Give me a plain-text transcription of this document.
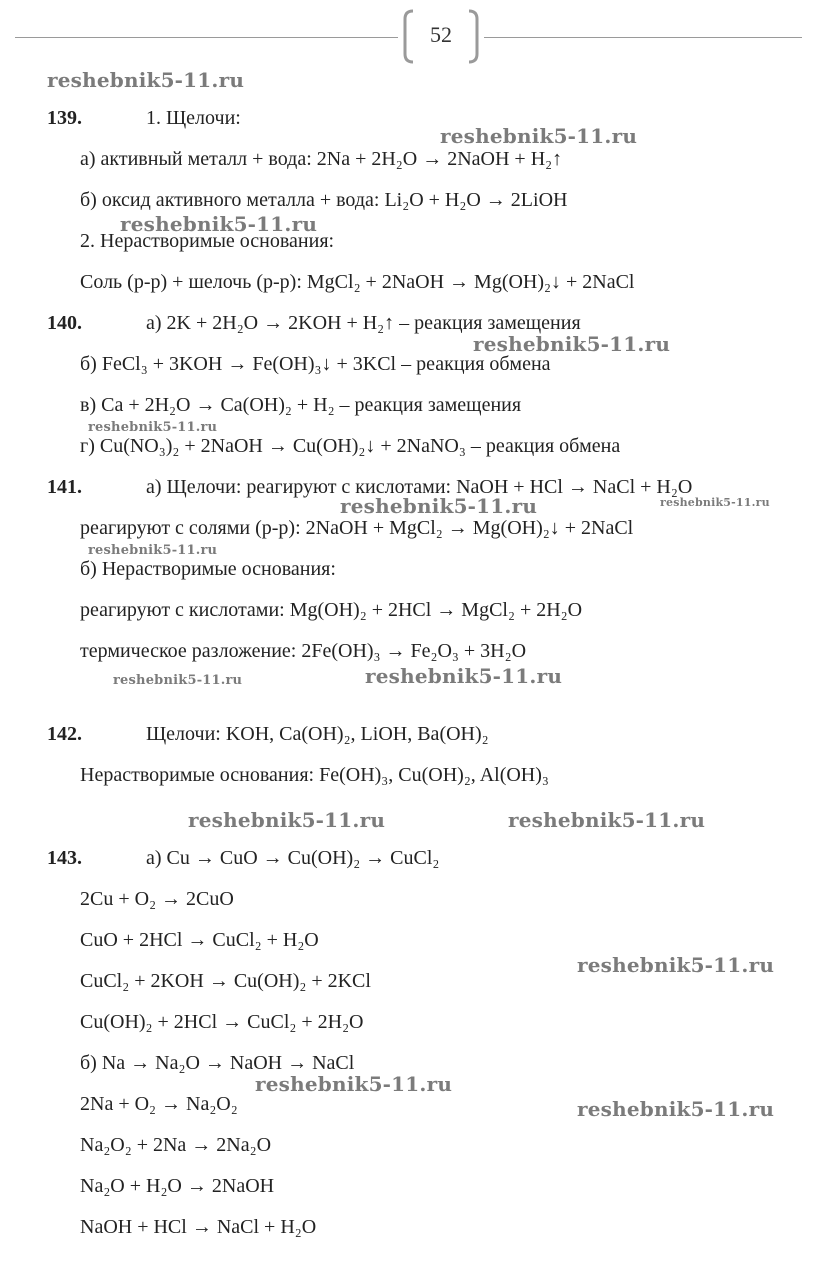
52
reshebnik5-11.ru
reshebnik5-11.ru
reshebnik5-11.ru
reshebnik5-11.ru
reshebnik5-11.ru
reshebnik5-11.ru	reshebnik5-11.ru
reshebnik5-11.ru
reshebnik5-11.ru	reshebnik5-11.ru
reshebnik5-11.ru	reshebnik5-11.ru
reshebnik5-11.ru
reshebnik5-11.ru
reshebnik5-11.ru
139.	1. Щелочи:
а) активный металл + вода: 2Na + 2H₂O → 2NaOH + H₂↑
б) оксид активного металла + вода: Li₂O + H₂O → 2LiOH
2. Нерастворимые основания:
Соль (р-р) + шелочь (р-р): MgCl₂ + 2NaOH → Mg(OH)₂↓ + 2NaCl
140.	а) 2K + 2H₂O → 2KOH + H₂↑ – реакция замещения
б) FeCl₃ + 3KOH → Fe(OH)₃↓ + 3KCl – реакция обмена
в) Ca + 2H₂O → Ca(OH)₂ + H₂ – реакция замещения
г) Cu(NO₃)₂ + 2NaOH → Cu(OH)₂↓ + 2NaNO₃ – реакция обмена
141.	а) Щелочи: реагируют с кислотами: NaOH + HCl → NaCl + H₂O
реагируют с солями (р-р): 2NaOH + MgCl₂ → Mg(OH)₂↓ + 2NaCl
б) Нерастворимые основания:
реагируют с кислотами: Mg(OH)₂ + 2HCl → MgCl₂ + 2H₂O
термическое разложение: 2Fe(OH)₃ → Fe₂O₃ + 3H₂O
142.	Щелочи: KOH, Ca(OH)₂, LiOH, Ba(OH)₂
Нерастворимые основания: Fe(OH)₃, Cu(OH)₂, Al(OH)₃
143.	а) Cu → CuO → Cu(OH)₂ → CuCl₂
2Cu + O₂ → 2CuO
CuO + 2HCl → CuCl₂ + H₂O
CuCl₂ + 2KOH → Cu(OH)₂ + 2KCl
Cu(OH)₂ + 2HCl → CuCl₂ + 2H₂O
б) Na → Na₂O → NaOH → NaCl
2Na + O₂ → Na₂O₂
Na₂O₂ + 2Na → 2Na₂O
Na₂O + H₂O → 2NaOH
NaOH + HCl → NaCl + H₂O
